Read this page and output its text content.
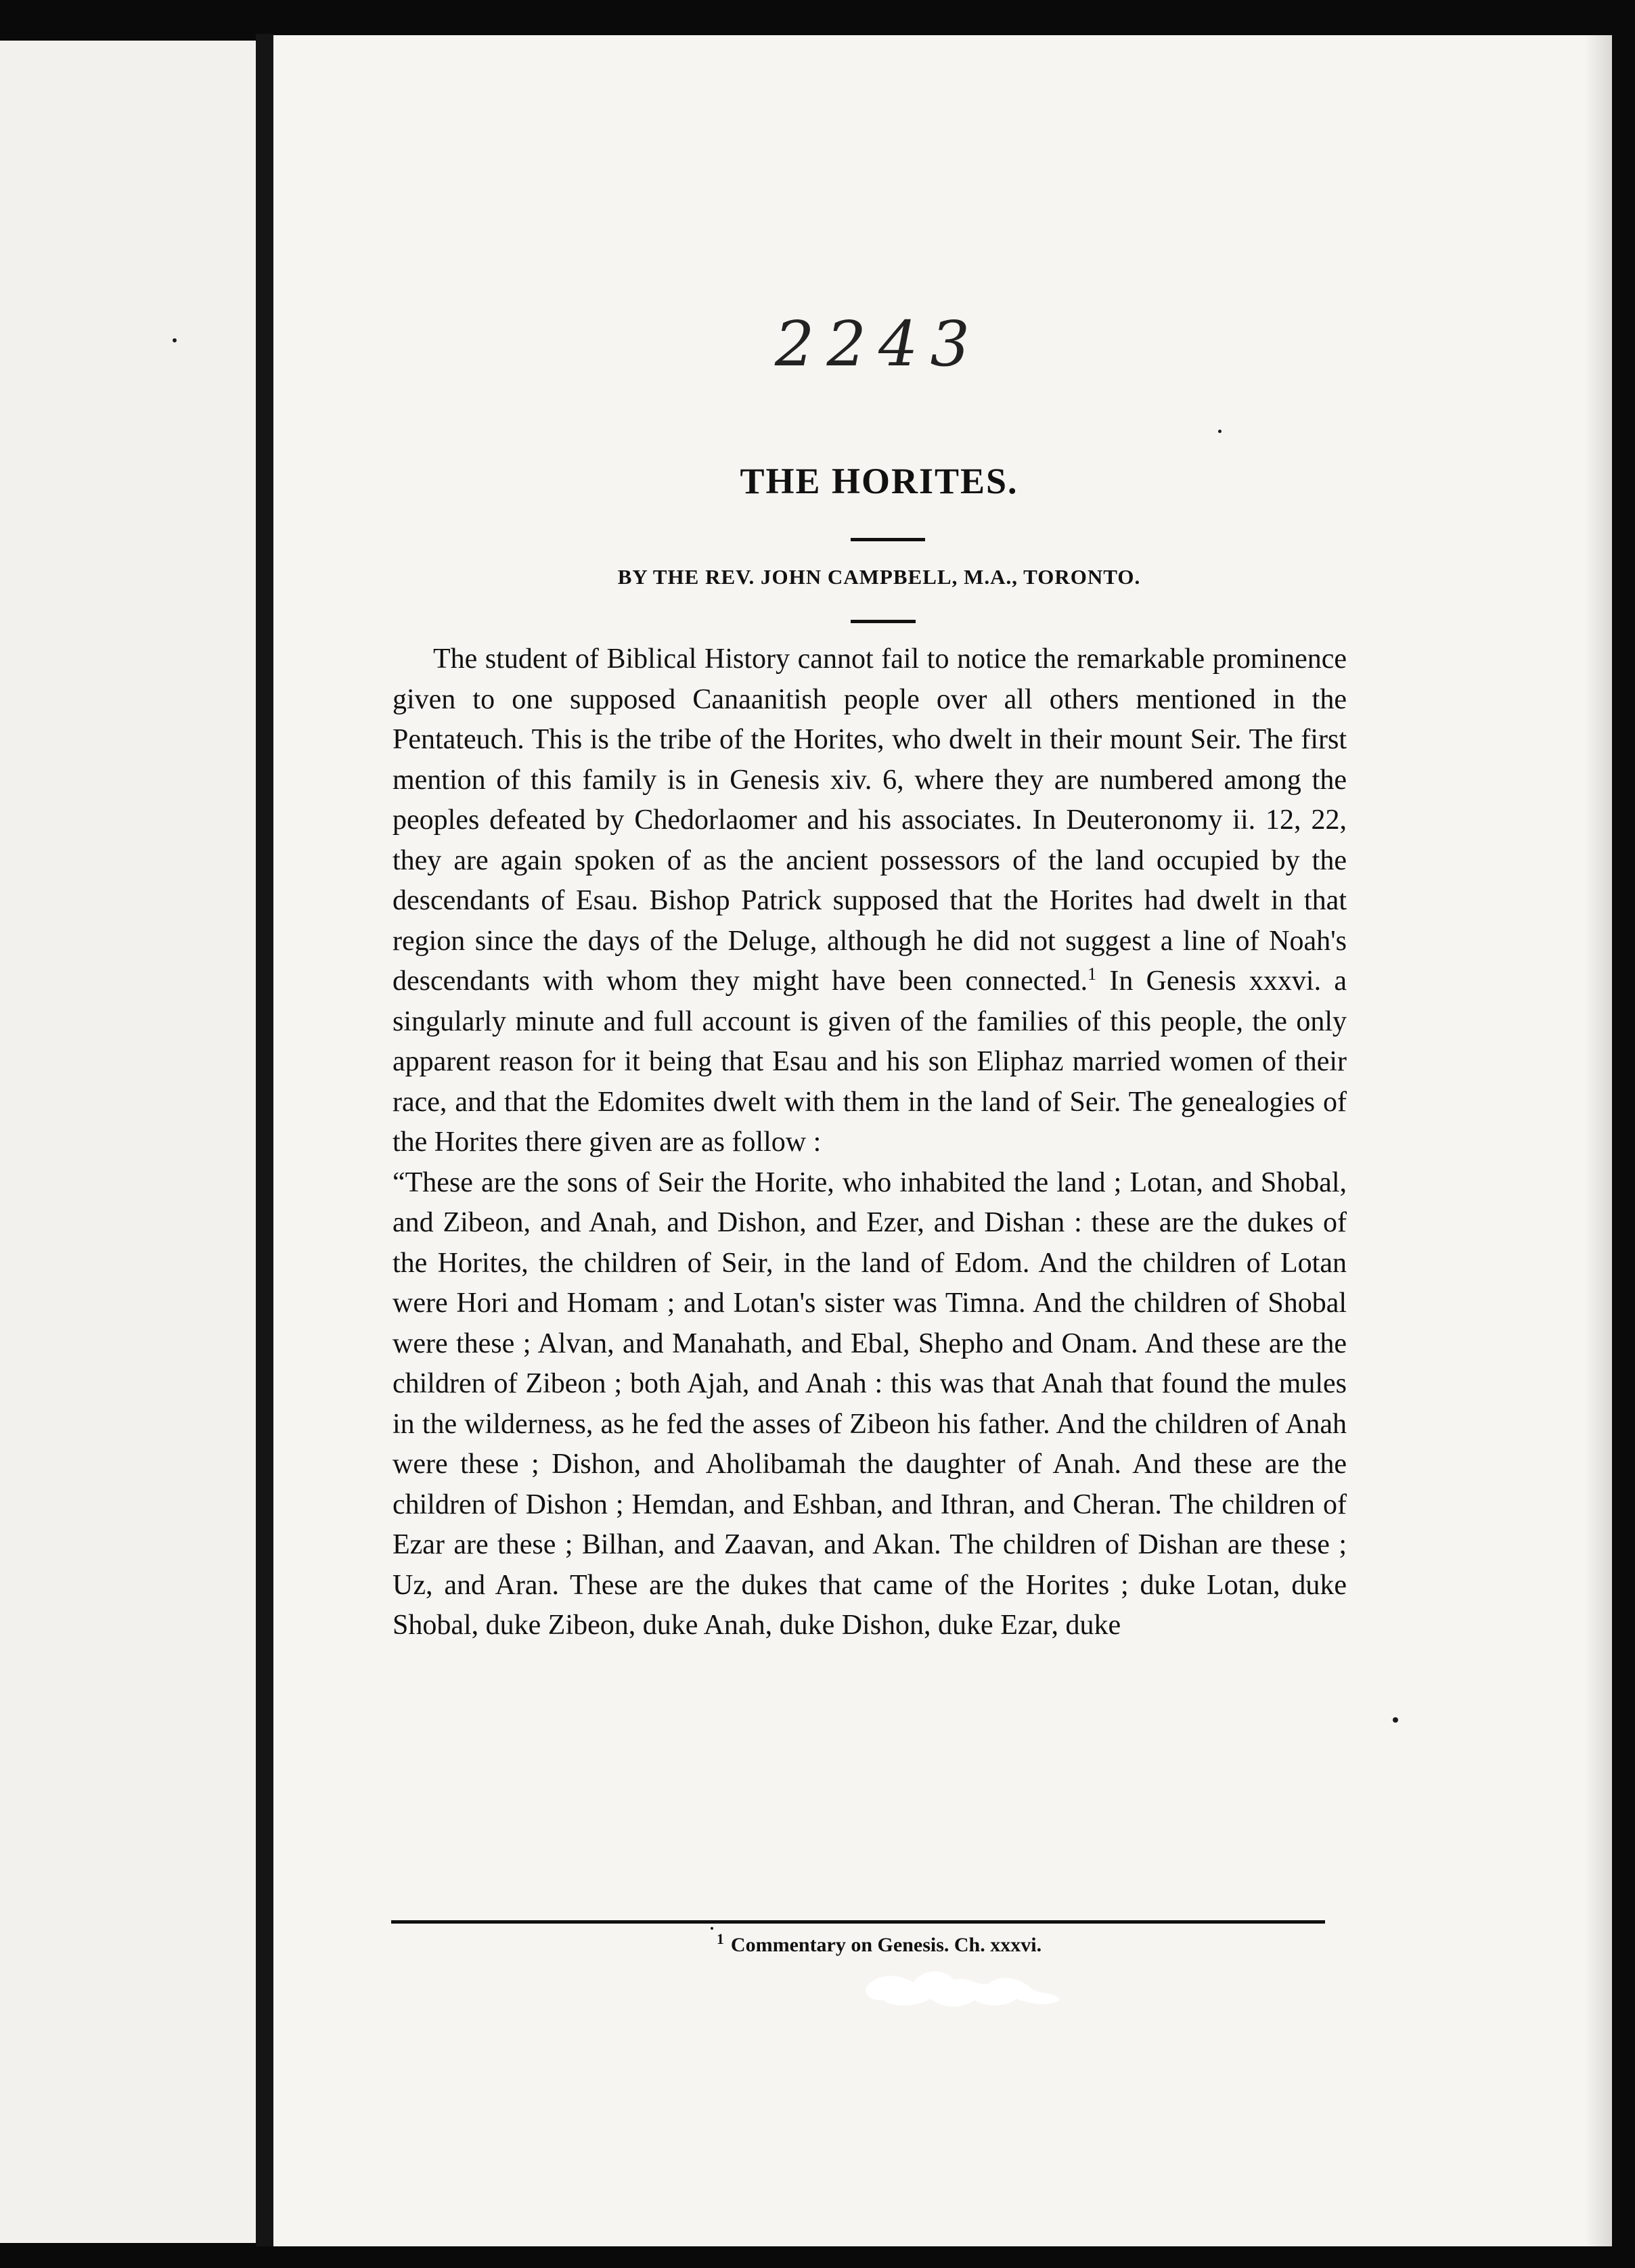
2243
THE HORITES.
BY THE REV. JOHN CAMPBELL, M.A., TORONTO.

The student of Biblical History cannot fail to notice the remarkable prominence given to one supposed Canaanitish people over all others mentioned in the Pentateuch. This is the tribe of the Horites, who dwelt in their mount Seir. The first mention of this family is in Genesis xiv. 6, where they are numbered among the peoples defeated by Chedorlaomer and his associates. In Deuteronomy ii. 12, 22, they are again spoken of as the ancient possessors of the land occupied by the descendants of Esau. Bishop Patrick supposed that the Horites had dwelt in that region since the days of the Deluge, although he did not suggest a line of Noah's descendants with whom they might have been connected.$^1$ In Genesis xxxvi. a singularly minute and full account is given of the families of this people, the only apparent reason for it being that Esau and his son Eliphaz married women of their race, and that the Edomites dwelt with them in the land of Seir. The genealogies of the Horites there given are as follow :

“These are the sons of Seir the Horite, who inhabited the land ; Lotan, and Shobal, and Zibeon, and Anah, and Dishon, and Ezer, and Dishan : these are the dukes of the Horites, the children of Seir, in the land of Edom. And the children of Lotan were Hori and Homam ; and Lotan's sister was Timna. And the children of Shobal were these ; Alvan, and Manahath, and Ebal, Shepho and Onam. And these are the children of Zibeon ; both Ajah, and Anah : this was that Anah that found the mules in the wilderness, as he fed the asses of Zibeon his father. And the children of Anah were these ; Dishon, and Aholibamah the daughter of Anah. And these are the children of Dishon ; Hemdan, and Eshban, and Ithran, and Cheran. The children of Ezar are these ; Bilhan, and Zaavan, and Akan. The children of Dishan are these ; Uz, and Aran. These are the dukes that came of the Horites ; duke Lotan, duke Shobal, duke Zibeon, duke Anah, duke Dishon, duke Ezar, duke

$^1$ Commentary on Genesis. Ch. xxxvi.
